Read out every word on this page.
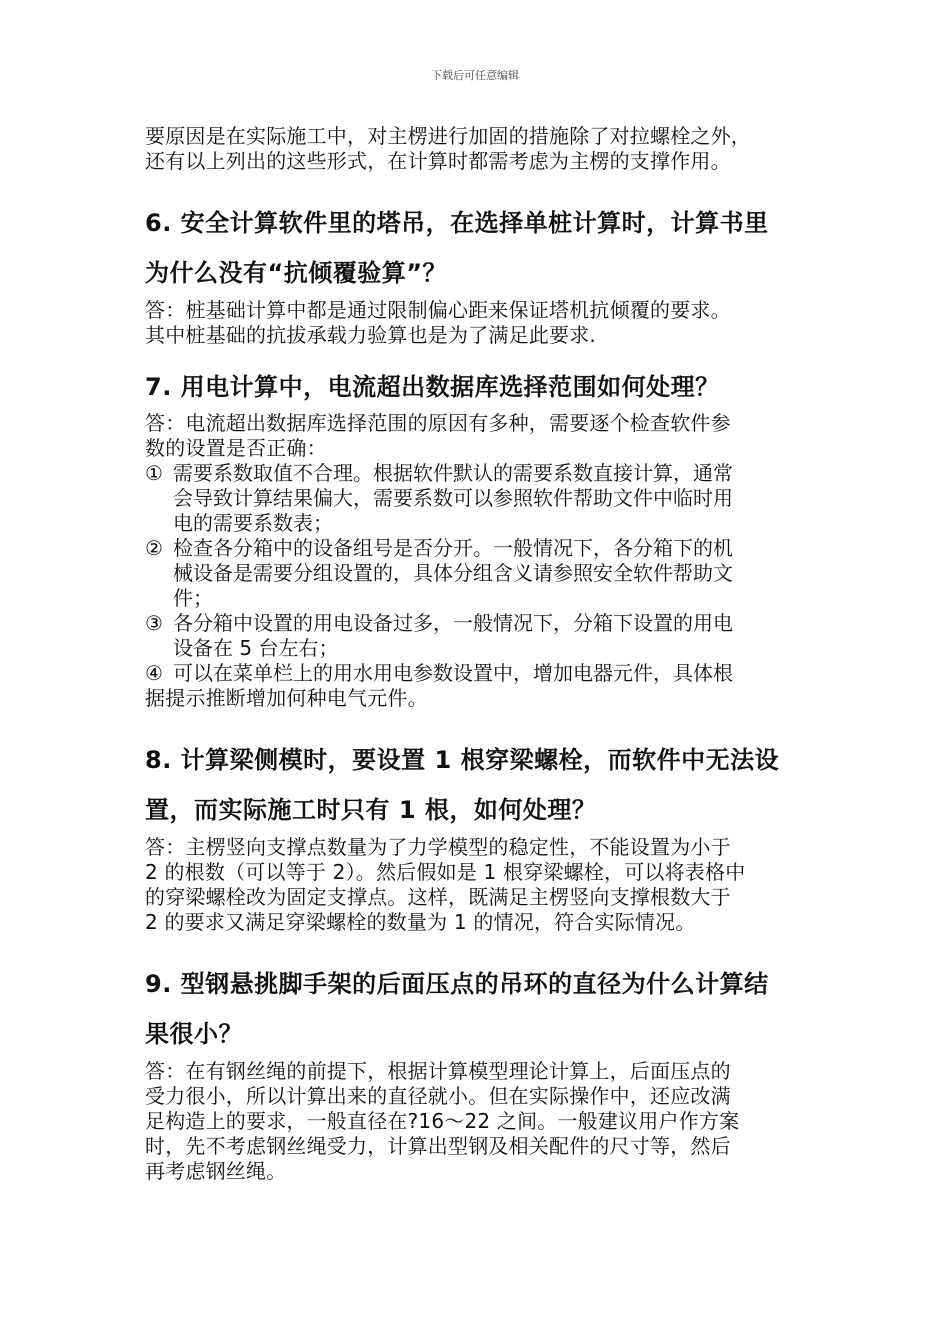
下载后可任意编辑

要原因是在实际施工中，对主楞进行加固的措施除了对拉螺栓之外，

还有以上列出的这些形式，在计算时都需考虑为主楞的支撑作用。

6. 安全计算软件里的塔吊，在选择单桩计算时，计算书里

为什么没有“抗倾覆验算”？

答：桩基础计算中都是通过限制偏心距来保证塔机抗倾覆的要求。

其中桩基础的抗拔承载力验算也是为了满足此要求.

7. 用电计算中，电流超出数据库选择范围如何处理？

答：电流超出数据库选择范围的原因有多种，需要逐个检查软件参

数的设置是否正确：

① 需要系数取值不合理。根据软件默认的需要系数直接计算，通常
会导致计算结果偏大，需要系数可以参照软件帮助文件中临时用
电的需要系数表；
② 检查各分箱中的设备组号是否分开。一般情况下，各分箱下的机
械设备是需要分组设置的，具体分组含义请参照安全软件帮助文
件；
③ 各分箱中设置的用电设备过多，一般情况下，分箱下设置的用电
设备在 5 台左右；
④ 可以在菜单栏上的用水用电参数设置中，增加电器元件，具体根

据提示推断增加何种电气元件。

8. 计算梁侧模时，要设置 1 根穿梁螺栓，而软件中无法设

置，而实际施工时只有 1 根，如何处理？

答：主楞竖向支撑点数量为了力学模型的稳定性，不能设置为小于

2 的根数（可以等于 2）。然后假如是 1 根穿梁螺栓，可以将表格中

的穿梁螺栓改为固定支撑点。这样，既满足主楞竖向支撑根数大于

2 的要求又满足穿梁螺栓的数量为 1 的情况，符合实际情况。

9. 型钢悬挑脚手架的后面压点的吊环的直径为什么计算结

果很小？

答：在有钢丝绳的前提下，根据计算模型理论计算上，后面压点的

受力很小，所以计算出来的直径就小。但在实际操作中，还应改满

足构造上的要求，一般直径在?16～22 之间。一般建议用户作方案

时，先不考虑钢丝绳受力，计算出型钢及相关配件的尺寸等，然后

再考虑钢丝绳。
